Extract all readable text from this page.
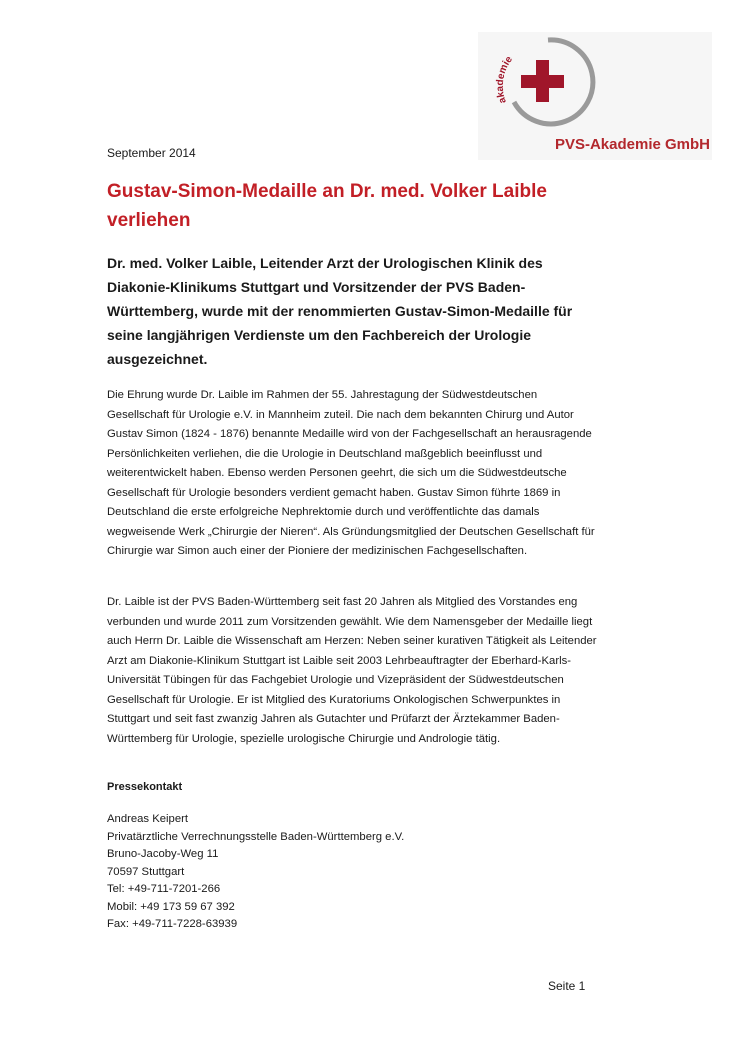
akademie
PVS-Akademie GmbH
September 2014
Gustav-Simon-Medaille an Dr. med. Volker Laible verliehen

Dr. med. Volker Laible, Leitender Arzt der Urologischen Klinik des Diakonie-Klinikums Stuttgart und Vorsitzender der PVS Baden-Württemberg, wurde mit der renommierten Gustav-Simon-Medaille für seine langjährigen Verdienste um den Fachbereich der Urologie ausgezeichnet.

Die Ehrung wurde Dr. Laible im Rahmen der 55. Jahrestagung der Südwestdeutschen Gesellschaft für Urologie e.V. in Mannheim zuteil. Die nach dem bekannten Chirurg und Autor Gustav Simon (1824 - 1876) benannte Medaille wird von der Fachgesellschaft an herausragende Persönlichkeiten verliehen, die die Urologie in Deutschland maßgeblich beeinflusst und weiterentwickelt haben. Ebenso werden Personen geehrt, die sich um die Südwestdeutsche Gesellschaft für Urologie besonders verdient gemacht haben. Gustav Simon führte 1869 in Deutschland die erste erfolgreiche Nephrektomie durch und veröffentlichte das damals wegweisende Werk „Chirurgie der Nieren“. Als Gründungsmitglied der Deutschen Gesellschaft für Chirurgie war Simon auch einer der Pioniere der medizinischen Fachgesellschaften.

Dr. Laible ist der PVS Baden-Württemberg seit fast 20 Jahren als Mitglied des Vorstandes eng verbunden und wurde 2011 zum Vorsitzenden gewählt. Wie dem Namensgeber der Medaille liegt auch Herrn Dr. Laible die Wissenschaft am Herzen: Neben seiner kurativen Tätigkeit als Leitender Arzt am Diakonie-Klinikum Stuttgart ist Laible seit 2003 Lehrbeauftragter der Eberhard-Karls-Universität Tübingen für das Fachgebiet Urologie und Vizepräsident der Südwestdeutschen Gesellschaft für Urologie. Er ist Mitglied des Kuratoriums Onkologischen Schwerpunktes in Stuttgart und seit fast zwanzig Jahren als Gutachter und Prüfarzt der Ärztekammer Baden-Württemberg für Urologie, spezielle urologische Chirurgie und Andrologie tätig.

Pressekontakt
Andreas Keipert
Privatärztliche Verrechnungsstelle Baden-Württemberg e.V.
Bruno-Jacoby-Weg 11
70597 Stuttgart
Tel: +49-711-7201-266
Mobil: +49 173 59 67 392
Fax: +49-711-7228-63939
Seite 1
